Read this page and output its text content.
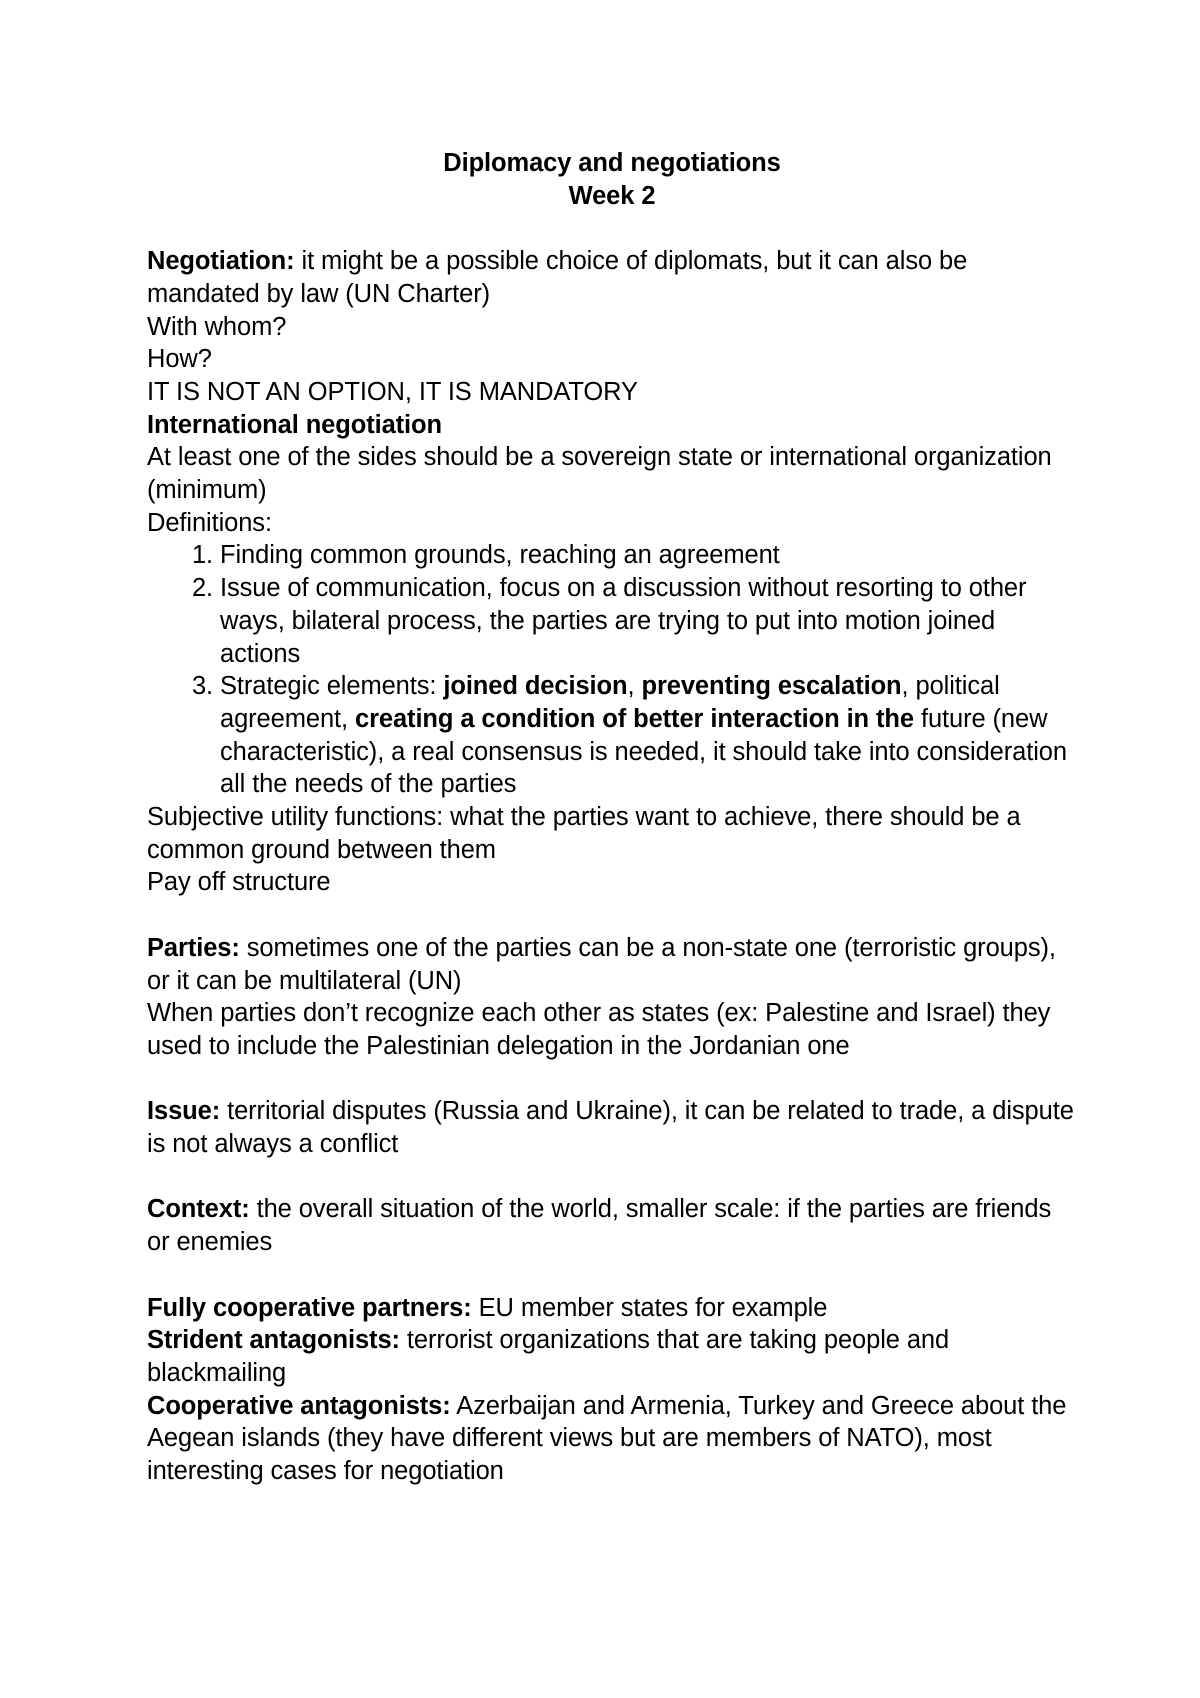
Diplomacy and negotiations
Week 2
Negotiation: it might be a possible choice of diplomats, but it can also be mandated by law (UN Charter)
With whom?
How?
IT IS NOT AN OPTION, IT IS MANDATORY
International negotiation
At least one of the sides should be a sovereign state or international organization (minimum)
Definitions:
1. Finding common grounds, reaching an agreement
2. Issue of communication, focus on a discussion without resorting to other ways, bilateral process, the parties are trying to put into motion joined actions
3. Strategic elements: joined decision, preventing escalation, political agreement, creating a condition of better interaction in the future (new characteristic), a real consensus is needed, it should take into consideration all the needs of the parties
Subjective utility functions: what the parties want to achieve, there should be a common ground between them
Pay off structure
Parties: sometimes one of the parties can be a non-state one (terroristic groups), or it can be multilateral (UN)
When parties don’t recognize each other as states (ex: Palestine and Israel) they used to include the Palestinian delegation in the Jordanian one
Issue: territorial disputes (Russia and Ukraine), it can be related to trade, a dispute is not always a conflict
Context: the overall situation of the world, smaller scale: if the parties are friends or enemies
Fully cooperative partners: EU member states for example
Strident antagonists: terrorist organizations that are taking people and blackmailing
Cooperative antagonists: Azerbaijan and Armenia, Turkey and Greece about the Aegean islands (they have different views but are members of NATO), most interesting cases for negotiation
